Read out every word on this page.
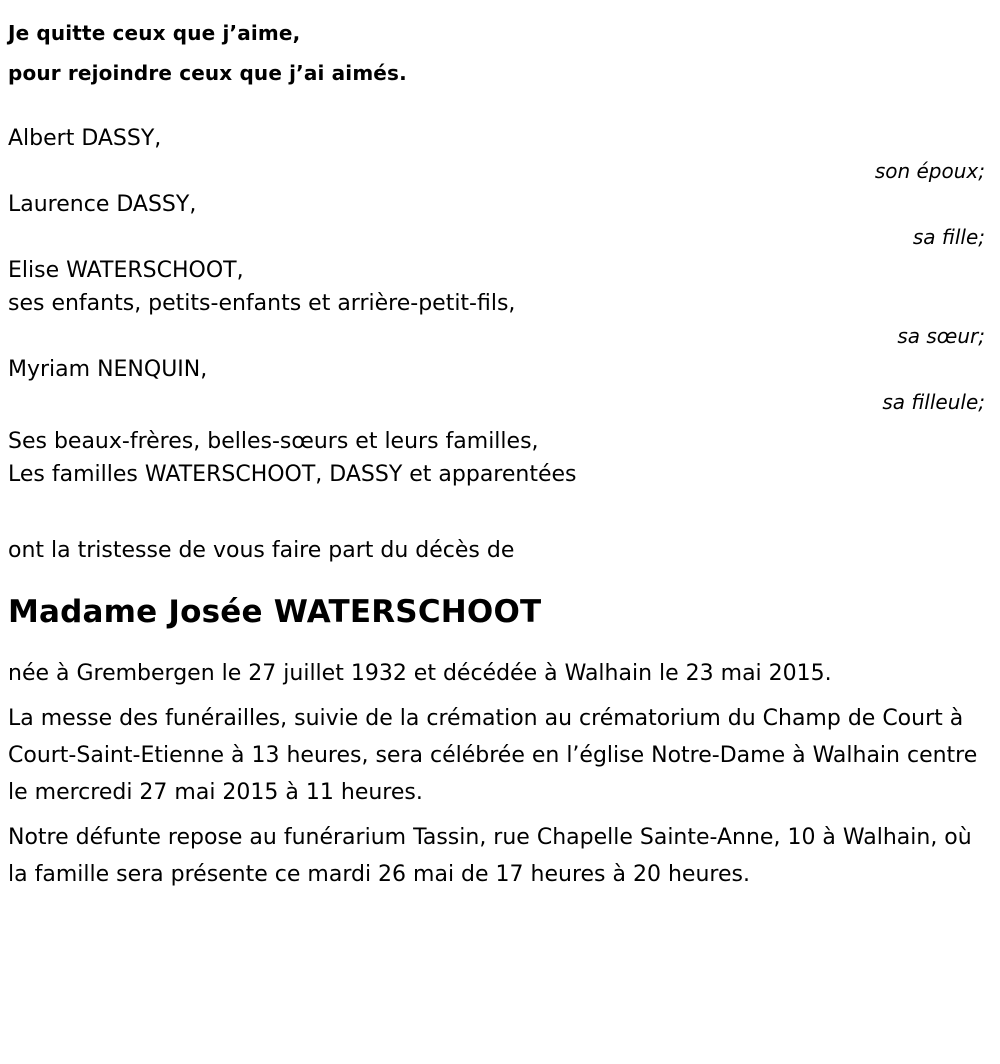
Je quitte ceux que j’aime,
pour rejoindre ceux que j’ai aimés.
Albert DASSY,
son époux;
Laurence DASSY,
sa fille;
Elise WATERSCHOOT,
ses enfants, petits-enfants et arrière-petit-fils,
sa sœur;
Myriam NENQUIN,
sa filleule;
Ses beaux-frères, belles-sœurs et leurs familles,
Les familles WATERSCHOOT, DASSY et apparentées
ont la tristesse de vous faire part du décès de
Madame Josée WATERSCHOOT

née à Grembergen le 27 juillet 1932 et décédée à Walhain le 23 mai 2015.

La messe des funérailles, suivie de la crémation au crématorium du Champ de Court à Court-Saint-Etienne à 13 heures, sera célébrée en l’église Notre-Dame à Walhain centre le mercredi 27 mai 2015 à 11 heures.

Notre défunte repose au funérarium Tassin, rue Chapelle Sainte-Anne, 10 à Walhain, où la famille sera présente ce mardi 26 mai de 17 heures à 20 heures.
